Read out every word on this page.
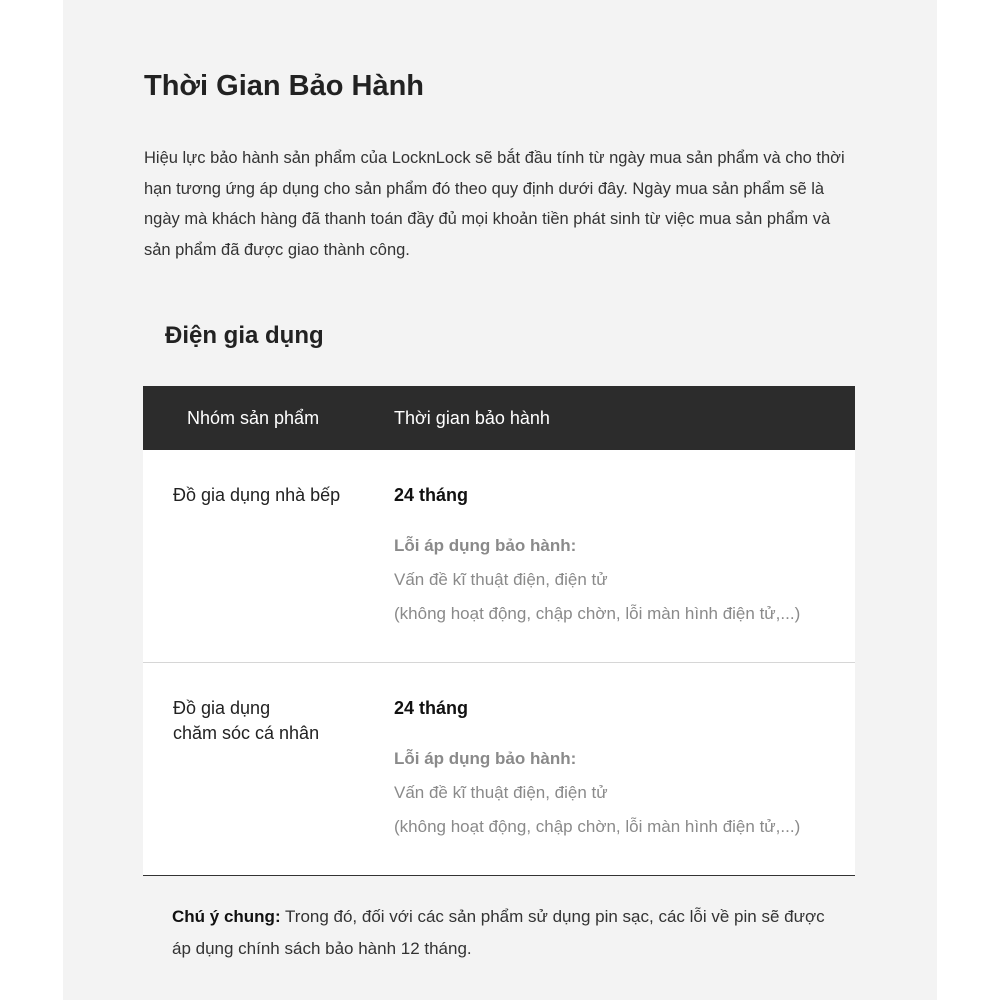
Thời Gian Bảo Hành

Hiệu lực bảo hành sản phẩm của LocknLock sẽ bắt đầu tính từ ngày mua sản phẩm và cho thời hạn tương ứng áp dụng cho sản phẩm đó theo quy định dưới đây. Ngày mua sản phẩm sẽ là ngày mà khách hàng đã thanh toán đầy đủ mọi khoản tiền phát sinh từ việc mua sản phẩm và sản phẩm đã được giao thành công.

Điện gia dụng
Nhóm sản phẩm	Thời gian bảo hành
Đồ gia dụng nhà bếp	24 tháng
Lỗi áp dụng bảo hành:
Vấn đề kĩ thuật điện, điện tử
(không hoạt động, chập chờn, lỗi màn hình điện tử,...)
Đồ gia dụng
chăm sóc cá nhân
24 tháng
Lỗi áp dụng bảo hành:
Vấn đề kĩ thuật điện, điện tử
(không hoạt động, chập chờn, lỗi màn hình điện tử,...)

Chú ý chung: Trong đó, đối với các sản phẩm sử dụng pin sạc, các lỗi về pin sẽ được áp dụng chính sách bảo hành 12 tháng.
